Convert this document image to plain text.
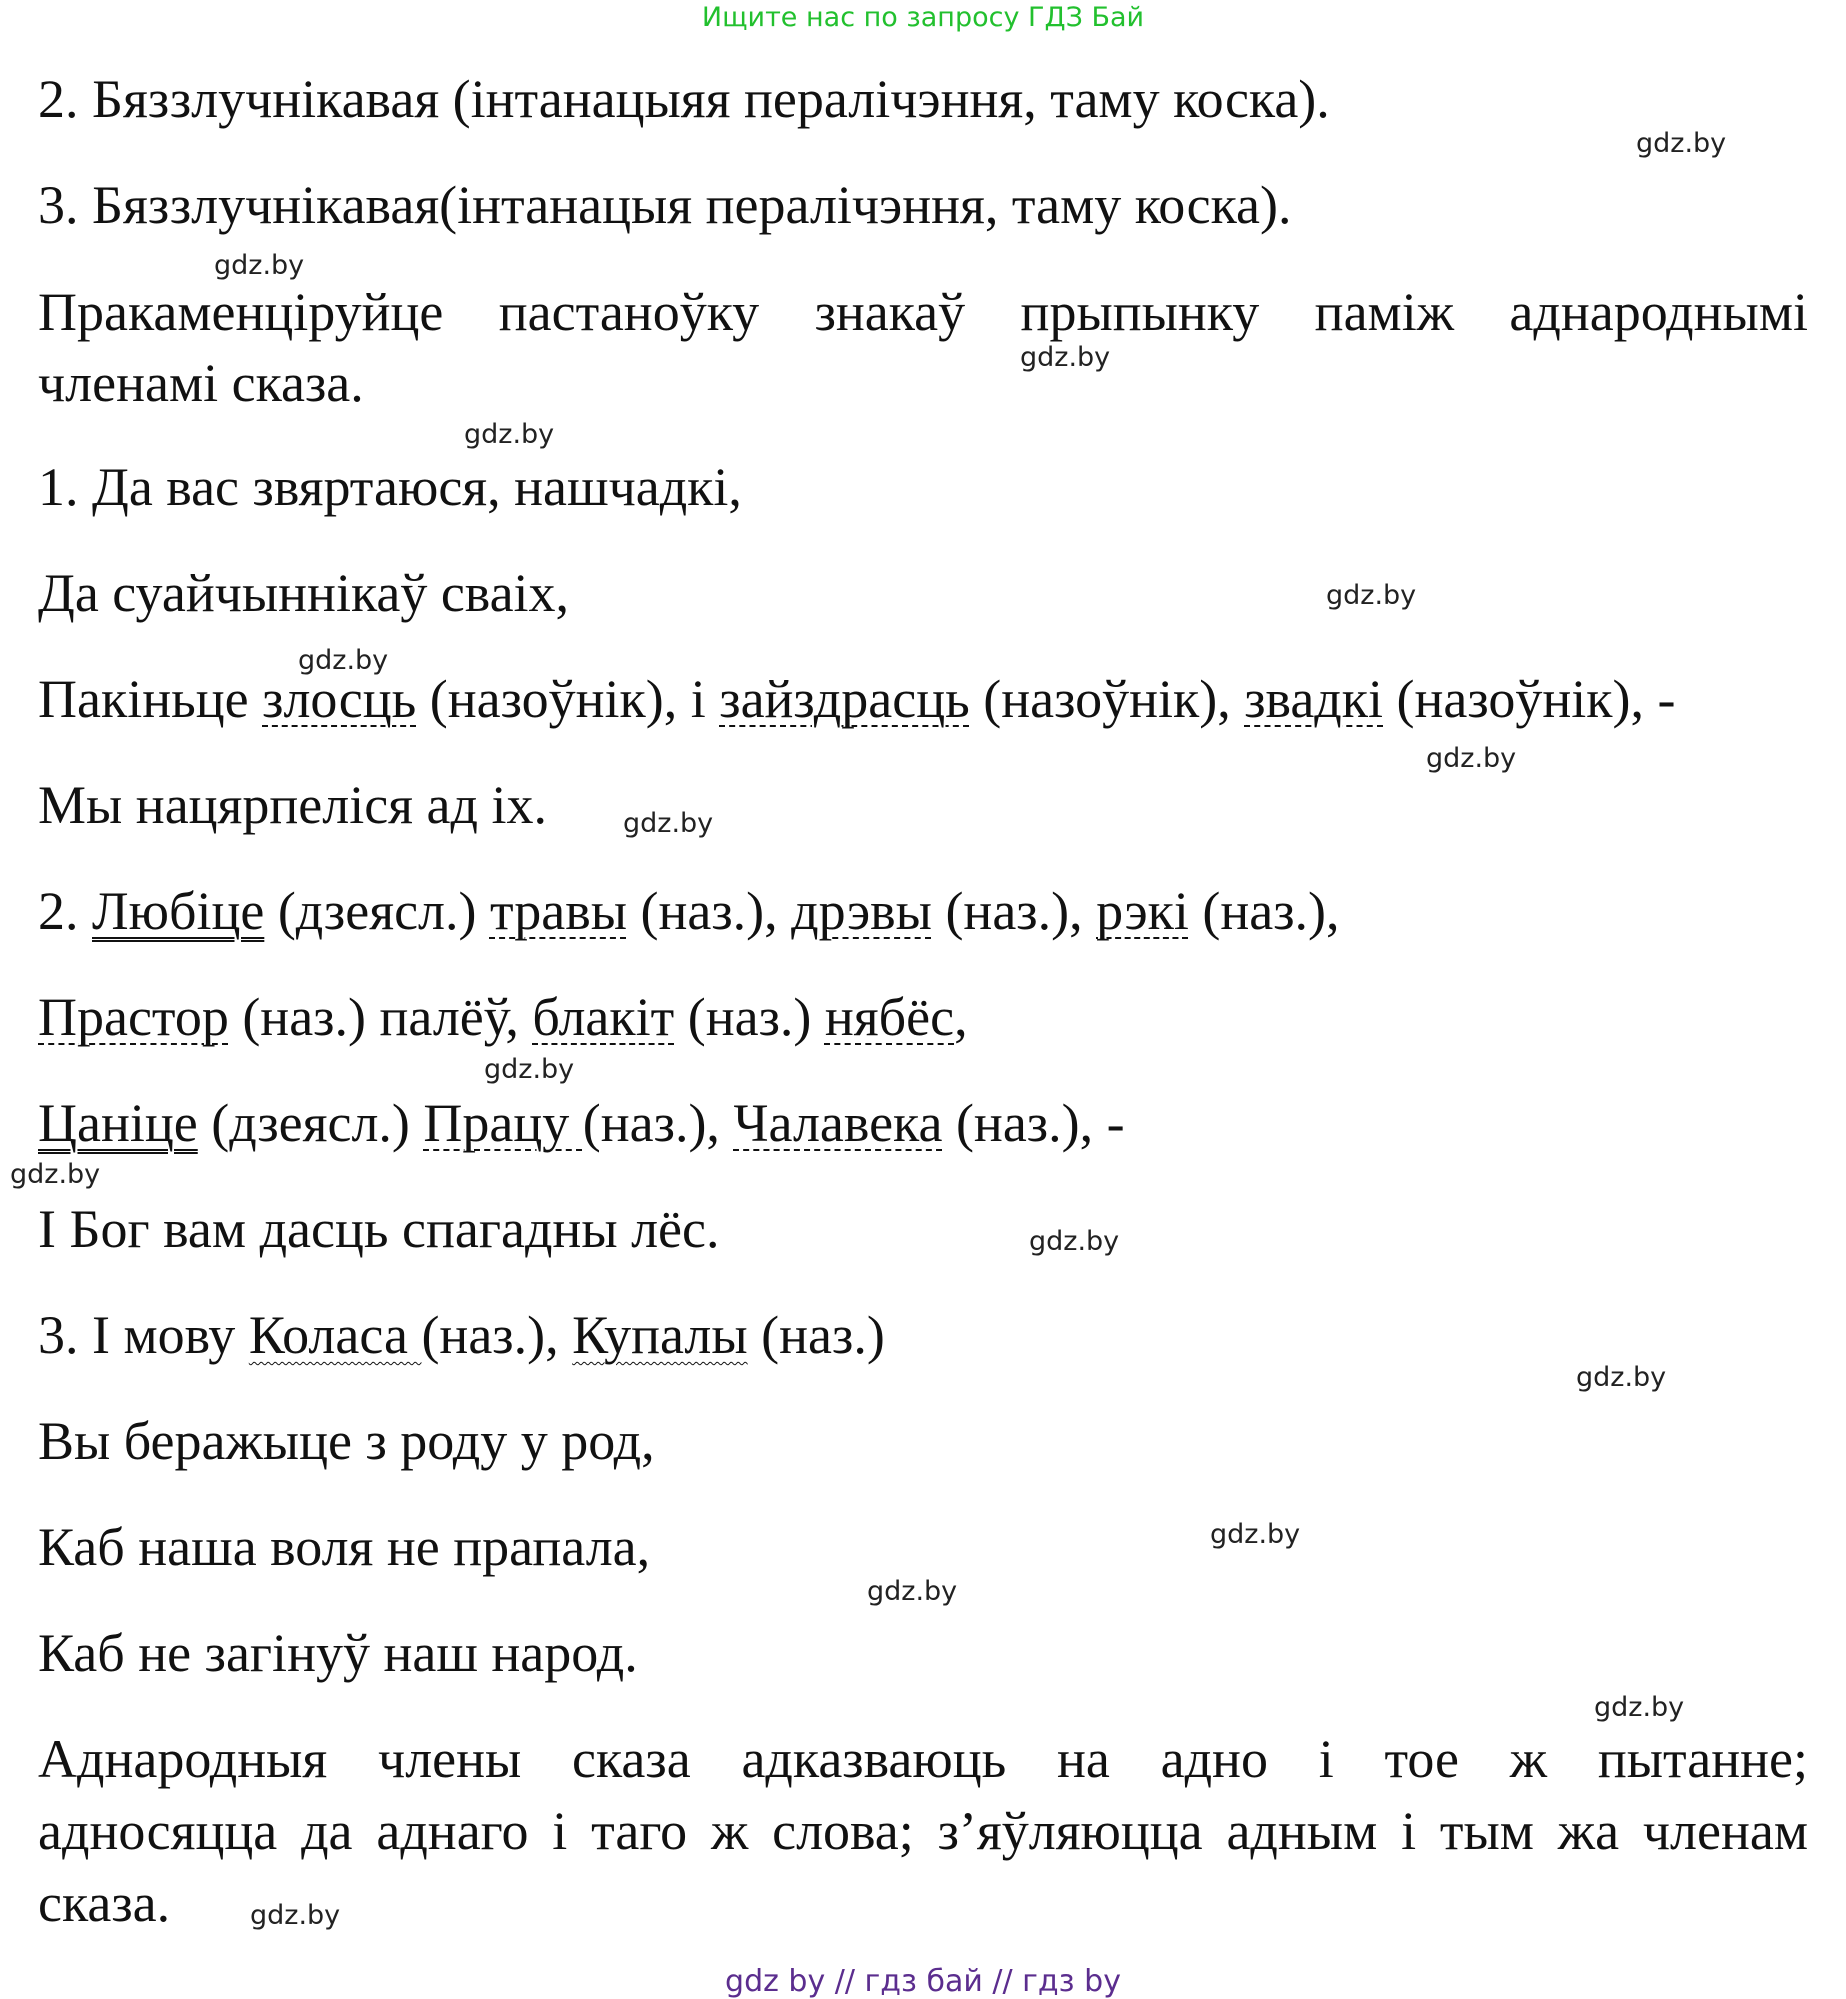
Ищите нас по запросу ГДЗ Бай
2. Бяззлучнікавая (інтанацыяя пералічэння, таму коска).
3. Бяззлучнікавая(інтанацыя пералічэння, таму коска).
Пракаменціруйце пастаноўку знакаў прыпынку паміж аднароднымі
членамі сказа.
1. Да вас звяртаюся, нашчадкі,
Да суайчыннікаў сваіх,
Пакіньце злосць (назоўнік), і зайздрасць (назоўнік), звадкі (назоўнік), -
Мы нацярпеліся ад іх.
2. Любіце (дзеясл.) травы (наз.), дрэвы (наз.), рэкі (наз.),
Прастор (наз.) палёў, блакіт (наз.) нябёс,
Цаніце (дзеясл.) Працу (наз.), Чалавека (наз.), -
І Бог вам дасць спагадны лёс.
3. І мову Коласа (наз.), Купалы (наз.)
Вы беражыце з роду у род,
Каб наша воля не прапала,
Каб не загінуў наш народ.
Аднародныя члены сказа адказваюць на адно і тое ж пытанне;
адносяцца да аднаго і таго ж слова; з’яўляюцца адным і тым жа членам
сказа.
gdz.by
gdz.by
gdz.by
gdz.by
gdz.by
gdz.by
gdz.by
gdz.by
gdz.by
gdz.by
gdz.by
gdz.by
gdz.by
gdz.by
gdz.by
gdz.by
gdz by // гдз бай // гдз by
